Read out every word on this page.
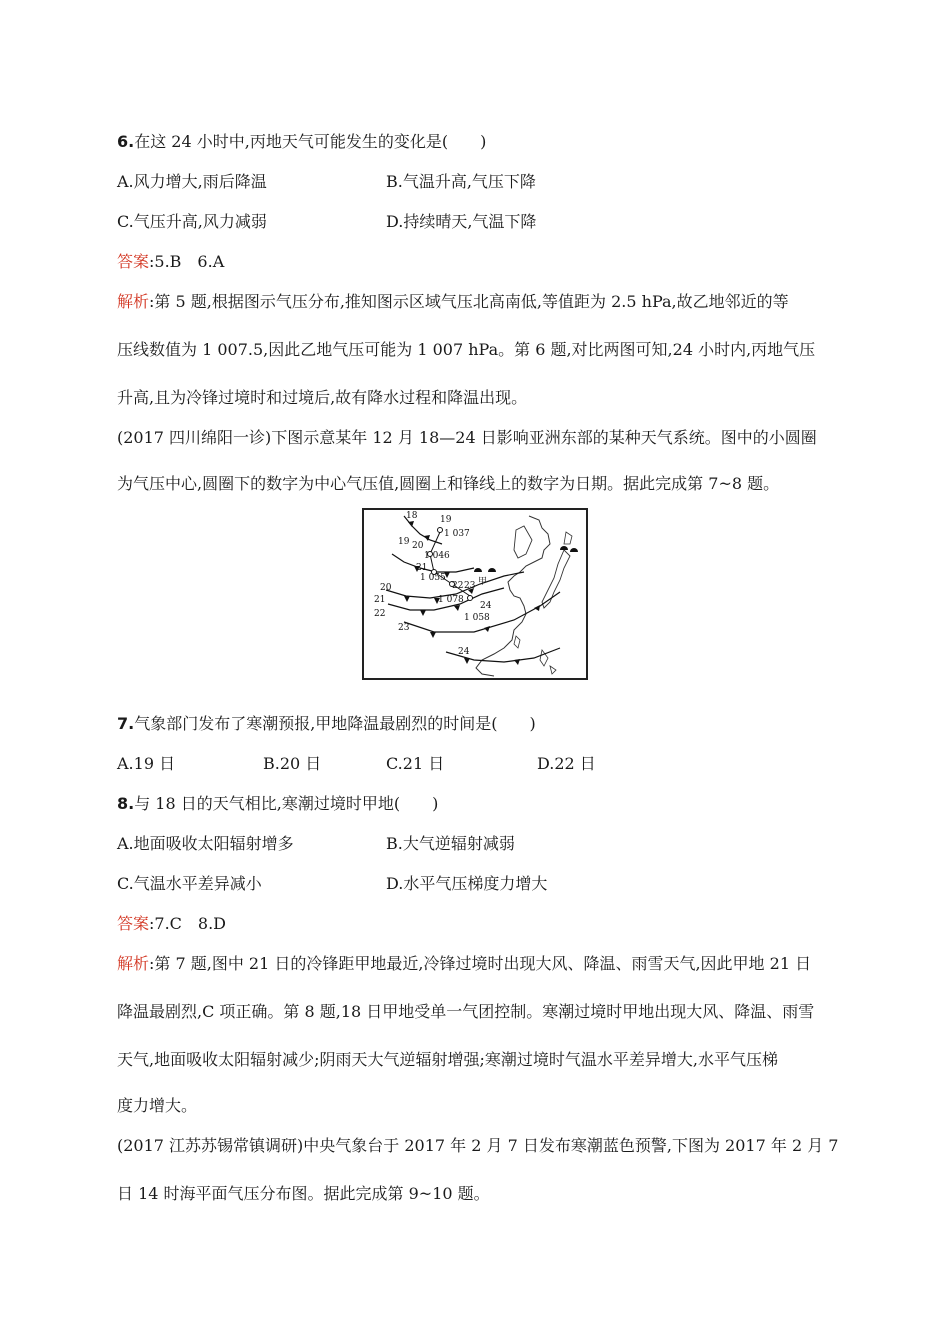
6.在这 24 小时中,丙地天气可能发生的变化是(　　)
A.风力增大,雨后降温	B.气温升高,气压下降
C.气压升高,风力减弱	D.持续晴天,气温下降
答案:5.B　6.A
解析:第 5 题,根据图示气压分布,推知图示区域气压北高南低,等值距为 2.5 hPa,故乙地邻近的等
压线数值为 1 007.5,因此乙地气压可能为 1 007 hPa。第 6 题,对比两图可知,24 小时内,丙地气压
升高,且为冷锋过境时和过境后,故有降水过程和降温出现。
(2017 四川绵阳一诊)下图示意某年 12 月 18—24 日影响亚洲东部的某种天气系统。图中的小圆圈
为气压中心,圆圈下的数字为中心气压值,圆圈上和锋线上的数字为日期。据此完成第 7~8 题。
18	19
1 037
19 20
1 046
21
20
1 055
21
22
22 23 甲
1 078
24
1 058
23
24
7.气象部门发布了寒潮预报,甲地降温最剧烈的时间是(　　)
A.19 日	B.20 日	C.21 日	D.22 日
8.与 18 日的天气相比,寒潮过境时甲地(　　)
A.地面吸收太阳辐射增多	B.大气逆辐射减弱
C.气温水平差异减小	D.水平气压梯度力增大
答案:7.C　8.D
解析:第 7 题,图中 21 日的冷锋距甲地最近,冷锋过境时出现大风、降温、雨雪天气,因此甲地 21 日
降温最剧烈,C 项正确。第 8 题,18 日甲地受单一气团控制。寒潮过境时甲地出现大风、降温、雨雪
天气,地面吸收太阳辐射减少;阴雨天大气逆辐射增强;寒潮过境时气温水平差异增大,水平气压梯
度力增大。
(2017 江苏苏锡常镇调研)中央气象台于 2017 年 2 月 7 日发布寒潮蓝色预警,下图为 2017 年 2 月 7
日 14 时海平面气压分布图。据此完成第 9~10 题。
